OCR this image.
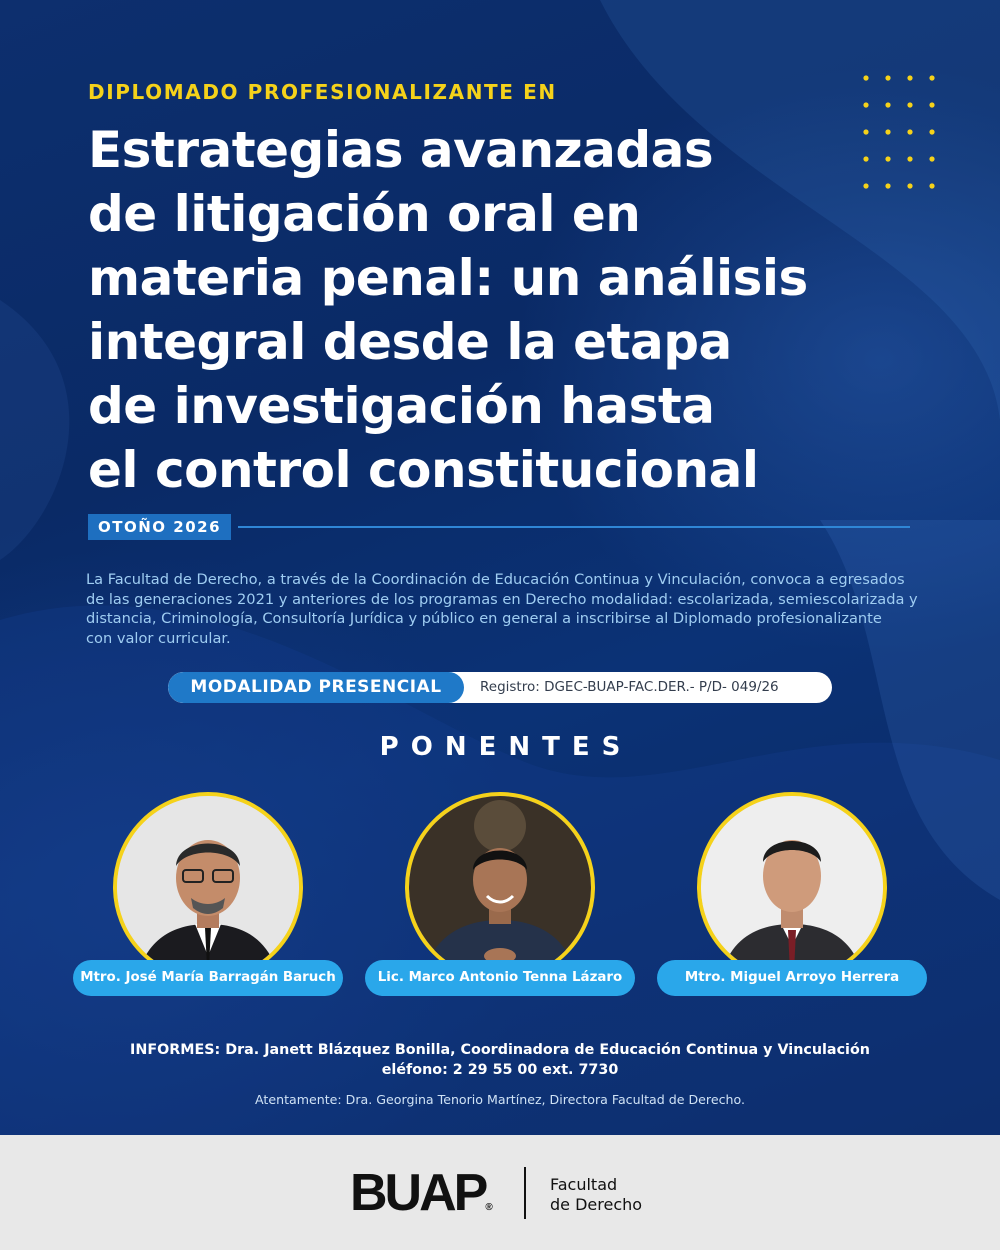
DIPLOMADO PROFESIONALIZANTE EN
Estrategias avanzadas
de litigación oral en
materia penal: un análisis
integral desde la etapa
de investigación hasta
el control constitucional
OTOÑO 2026
La Facultad de Derecho, a través de la Coordinación de Educación Continua y Vinculación, convoca a egresados
de las generaciones 2021 y anteriores de los programas en Derecho modalidad: escolarizada, semiescolarizada y
distancia, Criminología, Consultoría Jurídica y público en general a inscribirse al Diplomado profesionalizante
con valor curricular.
MODALIDAD PRESENCIAL	Registro: DGEC-BUAP-FAC.DER.- P/D- 049/26
PONENTES
Mtro. José María Barragán Baruch	Lic. Marco Antonio Tenna Lázaro	Mtro. Miguel Arroyo Herrera
INFORMES: Dra. Janett Blázquez Bonilla, Coordinadora de Educación Continua y Vinculación
eléfono: 2 29 55 00 ext. 7730
Atentamente: Dra. Georgina Tenorio Martínez, Directora Facultad de Derecho.
BUAP®
Facultad
de Derecho
